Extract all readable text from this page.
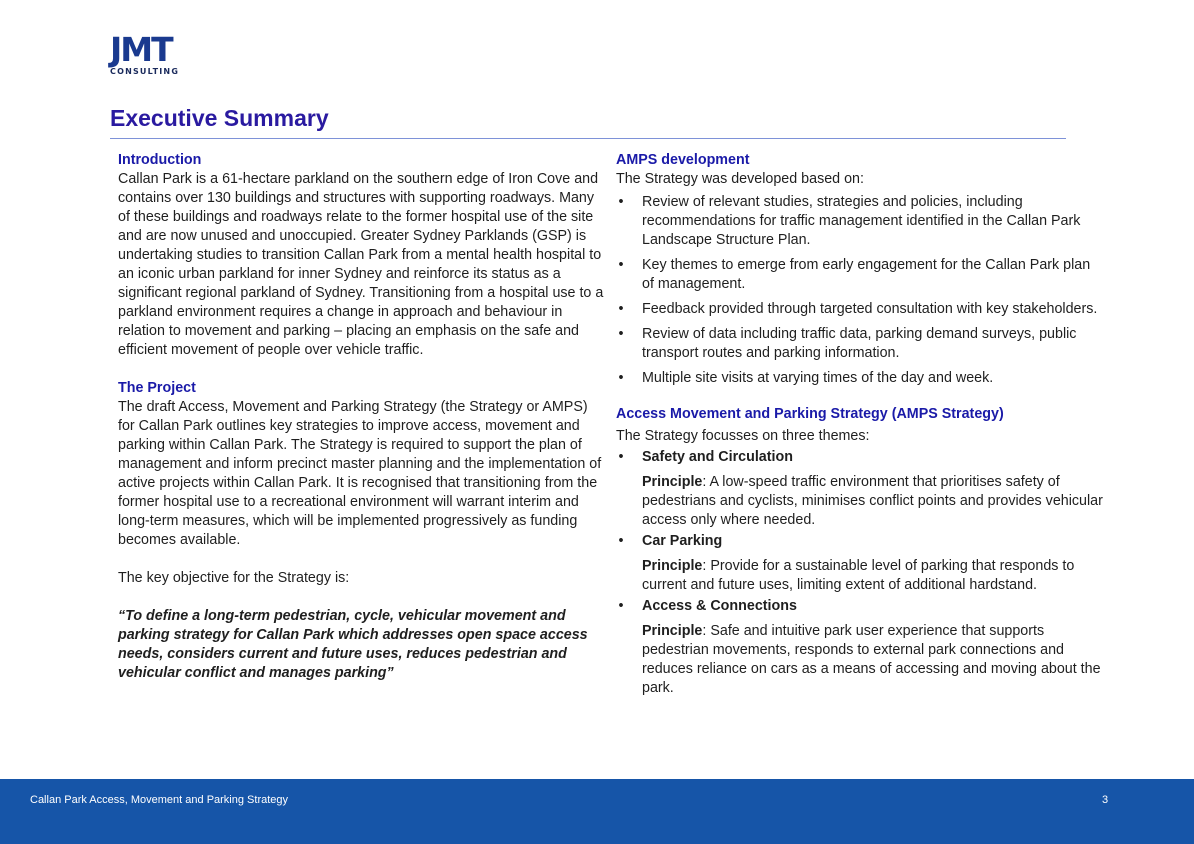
JMT
CONSULTING
Executive Summary

Introduction

Callan Park is a 61-hectare parkland on the southern edge of Iron Cove and contains over 130 buildings and structures with supporting roadways. Many of these buildings and roadways relate to the former hospital use of the site and are now unused and unoccupied. Greater Sydney Parklands (GSP) is undertaking studies to transition Callan Park from a mental health hospital to an iconic urban parkland for inner Sydney and reinforce its status as a significant regional parkland of Sydney. Transitioning from a hospital use to a parkland environment requires a change in approach and behaviour in relation to movement and parking – placing an emphasis on the safe and efficient movement of people over vehicle traffic.

The Project

The draft Access, Movement and Parking Strategy (the Strategy or AMPS) for Callan Park outlines key strategies to improve access, movement and parking within Callan Park. The Strategy is required to support the plan of management and inform precinct master planning and the implementation of active projects within Callan Park. It is recognised that transitioning from the former hospital use to a recreational environment will warrant interim and long-term measures, which will be implemented progressively as funding becomes available.

The key objective for the Strategy is:

“To define a long-term pedestrian, cycle, vehicular movement and parking strategy for Callan Park which addresses open space access needs, considers current and future uses, reduces pedestrian and vehicular conflict and manages parking”

AMPS development

The Strategy was developed based on:

• Review of relevant studies, strategies and policies, including recommendations for traffic management identified in the Callan Park Landscape Structure Plan.
• Key themes to emerge from early engagement for the Callan Park plan of management.
• Feedback provided through targeted consultation with key stakeholders.
• Review of data including traffic data, parking demand surveys, public transport routes and parking information.
• Multiple site visits at varying times of the day and week.

Access Movement and Parking Strategy (AMPS Strategy)

The Strategy focusses on three themes:

• Safety and Circulation

Principle: A low-speed traffic environment that prioritises safety of pedestrians and cyclists, minimises conflict points and provides vehicular access only where needed.

• Car Parking

Principle: Provide for a sustainable level of parking that responds to current and future uses, limiting extent of additional hardstand.

• Access & Connections

Principle: Safe and intuitive park user experience that supports pedestrian movements, responds to external park connections and reduces reliance on cars as a means of accessing and moving about the park.

Callan Park Access, Movement and Parking Strategy	3
